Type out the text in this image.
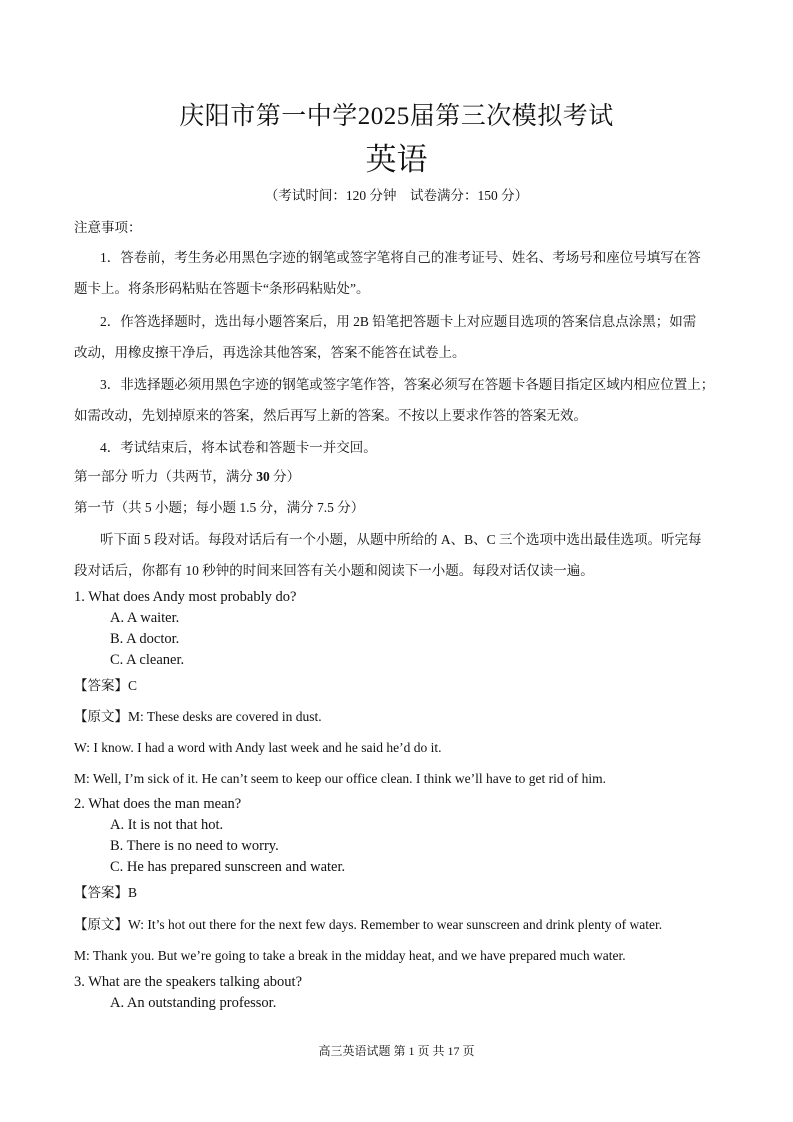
庆阳市第一中学2025届第三次模拟考试
英语
（考试时间：120 分钟　试卷满分：150 分）
注意事项：
1．答卷前，考生务必用黑色字迹的钢笔或签字笔将自己的准考证号、姓名、考场号和座位号填写在答
题卡上。将条形码粘贴在答题卡“条形码粘贴处”。
2．作答选择题时，选出每小题答案后，用 2B 铅笔把答题卡上对应题目选项的答案信息点涂黑；如需
改动，用橡皮擦干净后，再选涂其他答案，答案不能答在试卷上。
3．非选择题必须用黑色字迹的钢笔或签字笔作答，答案必须写在答题卡各题目指定区域内相应位置上；
如需改动，先划掉原来的答案，然后再写上新的答案。不按以上要求作答的答案无效。
4．考试结束后，将本试卷和答题卡一并交回。
第一部分 听力（共两节，满分 30 分）
第一节（共 5 小题；每小题 1.5 分，满分 7.5 分）
听下面 5 段对话。每段对话后有一个小题，从题中所给的 A、B、C 三个选项中选出最佳选项。听完每
段对话后，你都有 10 秒钟的时间来回答有关小题和阅读下一小题。每段对话仅读一遍。
1. What does Andy most probably do?
A. A waiter.
B. A doctor.
C. A cleaner.
【答案】C
【原文】M: These desks are covered in dust.
W: I know. I had a word with Andy last week and he said he’d do it.
M: Well, I’m sick of it. He can’t seem to keep our office clean. I think we’ll have to get rid of him.
2. What does the man mean?
A. It is not that hot.
B. There is no need to worry.
C. He has prepared sunscreen and water.
【答案】B
【原文】W: It’s hot out there for the next few days. Remember to wear sunscreen and drink plenty of water.
M: Thank you. But we’re going to take a break in the midday heat, and we have prepared much water.
3. What are the speakers talking about?
A. An outstanding professor.
高三英语试题 第 1 页 共 17 页
